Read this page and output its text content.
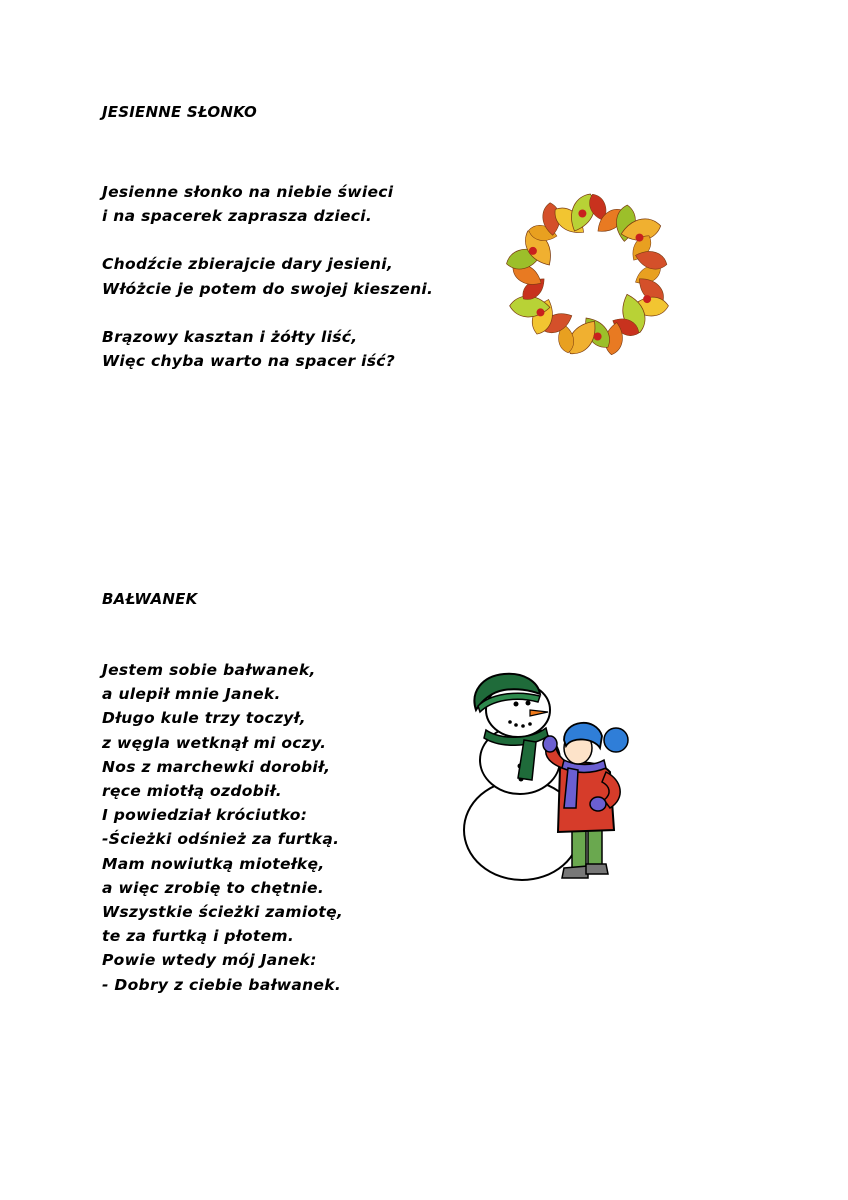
JESIENNE SŁONKO
Jesienne słonko na niebie świeci
i na spacerek zaprasza dzieci.
Chodźcie zbierajcie dary jesieni,
Włóżcie je potem do swojej kieszeni.
Brązowy kasztan i żółty liść,
Więc chyba warto na spacer iść?
BAŁWANEK
Jestem sobie bałwanek,
a ulepił mnie Janek.
Długo kule trzy toczył,
z węgla wetknął mi oczy.
Nos z marchewki dorobił,
ręce miotłą ozdobił.
I powiedział króciutko:
-Ścieżki odśnież za furtką.
Mam nowiutką miotełkę,
a więc zrobię to chętnie.
Wszystkie ścieżki zamiotę,
te za furtką i płotem.
Powie wtedy mój Janek:
- Dobry z ciebie bałwanek.
